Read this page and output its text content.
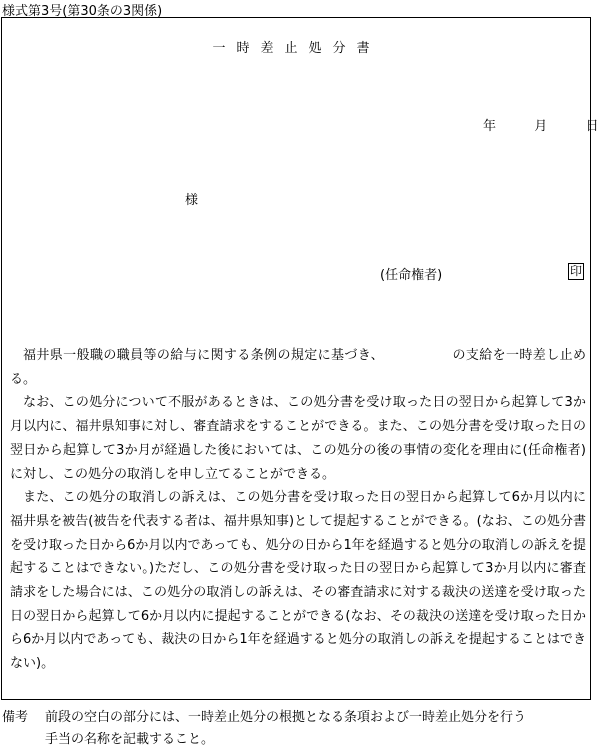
様式第3号(第30条の3関係)
一時差止処分書
年	月	日
様
(任命権者)	印

福井県一般職の職員等の給与に関する条例の規定に基づき、	の支給を一時差し止める。

なお、この処分について不服があるときは、この処分書を受け取った日の翌日から起算して3か月以内に、福井県知事に対し、審査請求をすることができる。また、この処分書を受け取った日の翌日から起算して3か月が経過した後においては、この処分の後の事情の変化を理由に(任命権者)に対し、この処分の取消しを申し立てることができる。

また、この処分の取消しの訴えは、この処分書を受け取った日の翌日から起算して6か月以内に福井県を被告(被告を代表する者は、福井県知事)として提起することができる。(なお、この処分書を受け取った日から6か月以内であっても、処分の日から1年を経過すると処分の取消しの訴えを提起することはできない。)ただし、この処分書を受け取った日の翌日から起算して3か月以内に審査請求をした場合には、この処分の取消しの訴えは、その審査請求に対する裁決の送達を受け取った日の翌日から起算して6か月以内に提起することができる(なお、その裁決の送達を受け取った日から6か月以内であっても、裁決の日から1年を経過すると処分の取消しの訴えを提起することはできない)。

備考 前段の空白の部分には、一時差止処分の根拠となる条項および一時差止処分を行う
手当の名称を記載すること。
